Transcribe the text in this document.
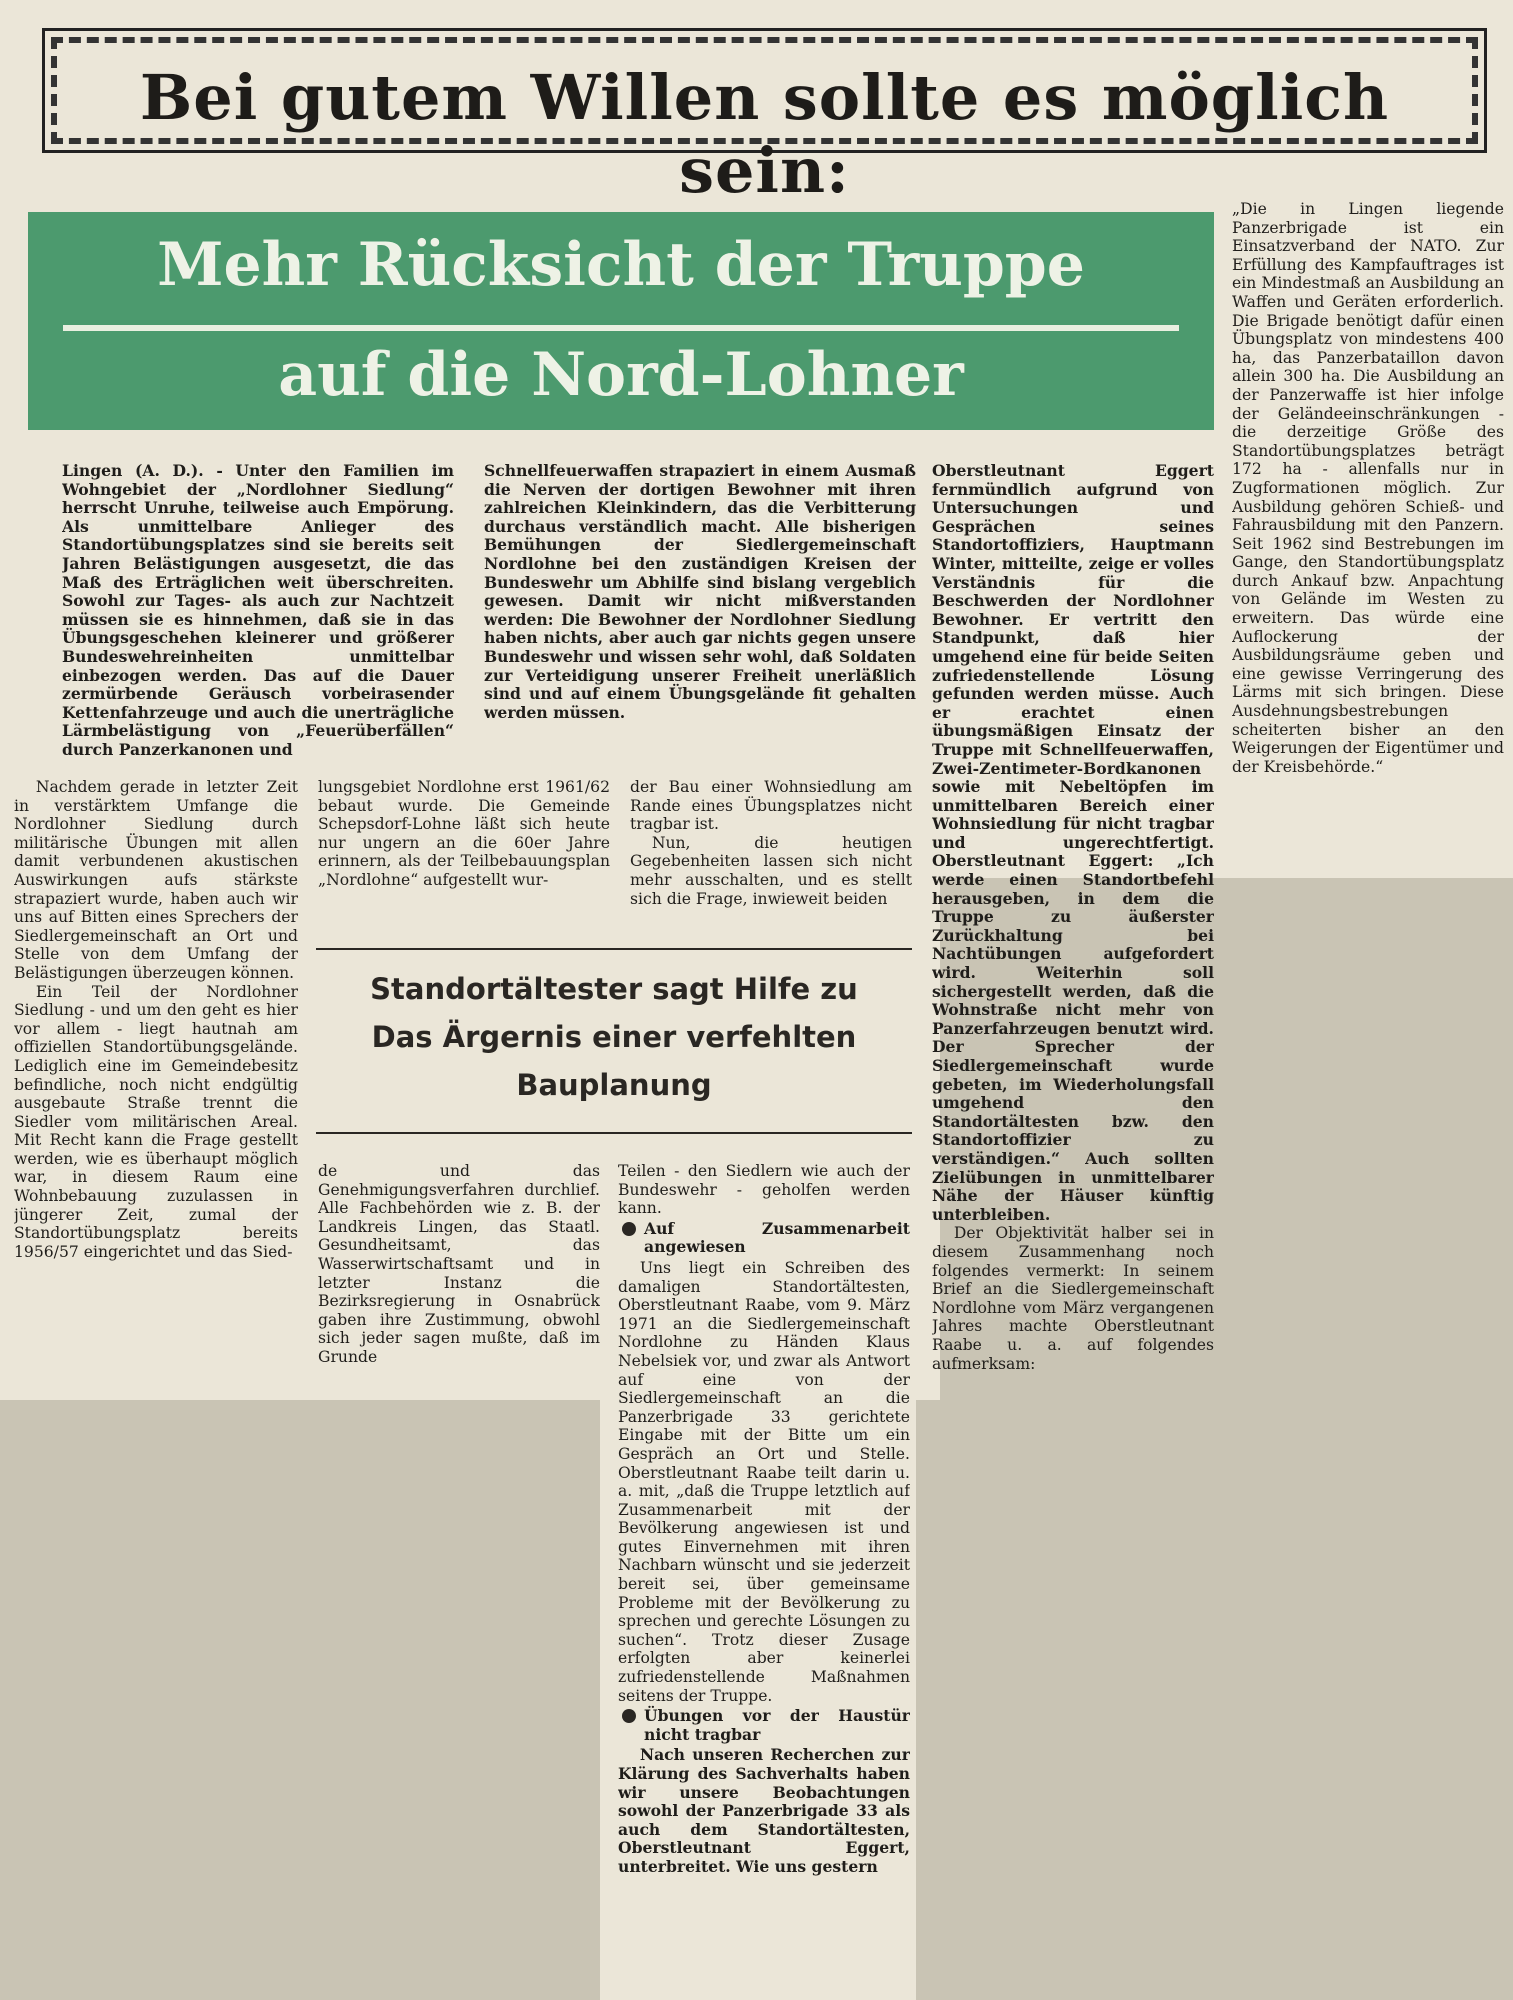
Bei gutem Willen sollte es möglich sein:
Mehr Rücksicht der Truppe
auf die Nord-Lohner

Lingen (A. D.). - Unter den Familien im Wohngebiet der „Nordlohner Siedlung“ herrscht Unruhe, teilweise auch Empörung. Als unmittelbare Anlieger des Standortübungsplatzes sind sie bereits seit Jahren Belästigungen ausgesetzt, die das Maß des Erträglichen weit überschreiten. Sowohl zur Tages- als auch zur Nachtzeit müssen sie es hinnehmen, daß sie in das Übungsgeschehen kleinerer und größerer Bundeswehreinheiten unmittelbar einbezogen werden. Das auf die Dauer zermürbende Geräusch vorbeirasender Kettenfahrzeuge und auch die unerträgliche Lärmbelästigung von „Feuerüberfällen“ durch Panzerkanonen und

Schnellfeuerwaffen strapaziert in einem Ausmaß die Nerven der dortigen Bewohner mit ihren zahlreichen Kleinkindern, das die Verbitterung durchaus verständlich macht. Alle bisherigen Bemühungen der Siedlergemeinschaft Nordlohne bei den zuständigen Kreisen der Bundeswehr um Abhilfe sind bislang vergeblich gewesen. Damit wir nicht mißverstanden werden: Die Bewohner der Nordlohner Siedlung haben nichts, aber auch gar nichts gegen unsere Bundeswehr und wissen sehr wohl, daß Soldaten zur Verteidigung unserer Freiheit unerläßlich sind und auf einem Übungsgelände fit gehalten werden müssen.

Nachdem gerade in letzter Zeit in verstärktem Umfange die Nordlohner Siedlung durch militärische Übungen mit allen damit verbundenen akustischen Auswirkungen aufs stärkste strapaziert wurde, haben auch wir uns auf Bitten eines Sprechers der Siedlergemeinschaft an Ort und Stelle von dem Umfang der Belästigungen überzeugen können.

Ein Teil der Nordlohner Siedlung - und um den geht es hier vor allem - liegt hautnah am offiziellen Standortübungsgelände. Lediglich eine im Gemeindebesitz befindliche, noch nicht endgültig ausgebaute Straße trennt die Siedler vom militärischen Areal. Mit Recht kann die Frage gestellt werden, wie es überhaupt möglich war, in diesem Raum eine Wohnbebauung zuzulassen in jüngerer Zeit, zumal der Standortübungsplatz bereits 1956/57 eingerichtet und das Sied-

lungsgebiet Nordlohne erst 1961/62 bebaut wurde. Die Gemeinde Schepsdorf-Lohne läßt sich heute nur ungern an die 60er Jahre erinnern, als der Teilbebauungsplan „Nordlohne“ aufgestellt wur-

de und das Genehmigungsverfahren durchlief. Alle Fachbehörden wie z. B. der Landkreis Lingen, das Staatl. Gesundheitsamt, das Wasserwirtschaftsamt und in letzter Instanz die Bezirksregierung in Osnabrück gaben ihre Zustimmung, obwohl sich jeder sagen mußte, daß im Grunde

der Bau einer Wohnsiedlung am Rande eines Übungsplatzes nicht tragbar ist.

Nun, die heutigen Gegebenheiten lassen sich nicht mehr ausschalten, und es stellt sich die Frage, inwieweit beiden

Teilen - den Siedlern wie auch der Bundeswehr - geholfen werden kann.

Auf Zusammenarbeit angewiesen

Uns liegt ein Schreiben des damaligen Standortältesten, Oberstleutnant Raabe, vom 9. März 1971 an die Siedlergemeinschaft Nordlohne zu Händen Klaus Nebelsiek vor, und zwar als Antwort auf eine von der Siedlergemeinschaft an die Panzerbrigade 33 gerichtete Eingabe mit der Bitte um ein Gespräch an Ort und Stelle. Oberstleutnant Raabe teilt darin u. a. mit, „daß die Truppe letztlich auf Zusammenarbeit mit der Bevölkerung angewiesen ist und gutes Einvernehmen mit ihren Nachbarn wünscht und sie jederzeit bereit sei, über gemeinsame Probleme mit der Bevölkerung zu sprechen und gerechte Lösungen zu suchen“. Trotz dieser Zusage erfolgten aber keinerlei zufriedenstellende Maßnahmen seitens der Truppe.

Übungen vor der Haustür nicht tragbar

Nach unseren Recherchen zur Klärung des Sachverhalts haben wir unsere Beobachtungen sowohl der Panzerbrigade 33 als auch dem Standortältesten, Oberstleutnant Eggert, unterbreitet. Wie uns gestern

Standortältester sagt Hilfe zu
Das Ärgernis einer verfehlten
Bauplanung

Oberstleutnant Eggert fernmündlich aufgrund von Untersuchungen und Gesprächen seines Standortoffiziers, Hauptmann Winter, mitteilte, zeige er volles Verständnis für die Beschwerden der Nordlohner Bewohner. Er vertritt den Standpunkt, daß hier umgehend eine für beide Seiten zufriedenstellende Lösung gefunden werden müsse. Auch er erachtet einen übungsmäßigen Einsatz der Truppe mit Schnellfeuerwaffen, Zwei-Zentimeter-Bordkanonen sowie mit Nebeltöpfen im unmittelbaren Bereich einer Wohnsiedlung für nicht tragbar und ungerechtfertigt. Oberstleutnant Eggert: „Ich werde einen Standortbefehl herausgeben, in dem die Truppe zu äußerster Zurückhaltung bei Nachtübungen aufgefordert wird. Weiterhin soll sichergestellt werden, daß die Wohnstraße nicht mehr von Panzerfahrzeugen benutzt wird. Der Sprecher der Siedlergemeinschaft wurde gebeten, im Wiederholungsfall umgehend den Standortältesten bzw. den Standortoffizier zu verständigen.“ Auch sollten Zielübungen in unmittelbarer Nähe der Häuser künftig unterbleiben.

Der Objektivität halber sei in diesem Zusammenhang noch folgendes vermerkt: In seinem Brief an die Siedlergemeinschaft Nordlohne vom März vergangenen Jahres machte Oberstleutnant Raabe u. a. auf folgendes aufmerksam:

„Die in Lingen liegende Panzerbrigade ist ein Einsatzverband der NATO. Zur Erfüllung des Kampfauftrages ist ein Mindestmaß an Ausbildung an Waffen und Geräten erforderlich. Die Brigade benötigt dafür einen Übungsplatz von mindestens 400 ha, das Panzerbataillon davon allein 300 ha. Die Ausbildung an der Panzerwaffe ist hier infolge der Geländeeinschränkungen - die derzeitige Größe des Standortübungsplatzes beträgt 172 ha - allenfalls nur in Zugformationen möglich. Zur Ausbildung gehören Schieß- und Fahrausbildung mit den Panzern. Seit 1962 sind Bestrebungen im Gange, den Standortübungsplatz durch Ankauf bzw. Anpachtung von Gelände im Westen zu erweitern. Das würde eine Auflockerung der Ausbildungsräume geben und eine gewisse Verringerung des Lärms mit sich bringen. Diese Ausdehnungsbestrebungen scheiterten bisher an den Weigerungen der Eigentümer und der Kreisbehörde.“
